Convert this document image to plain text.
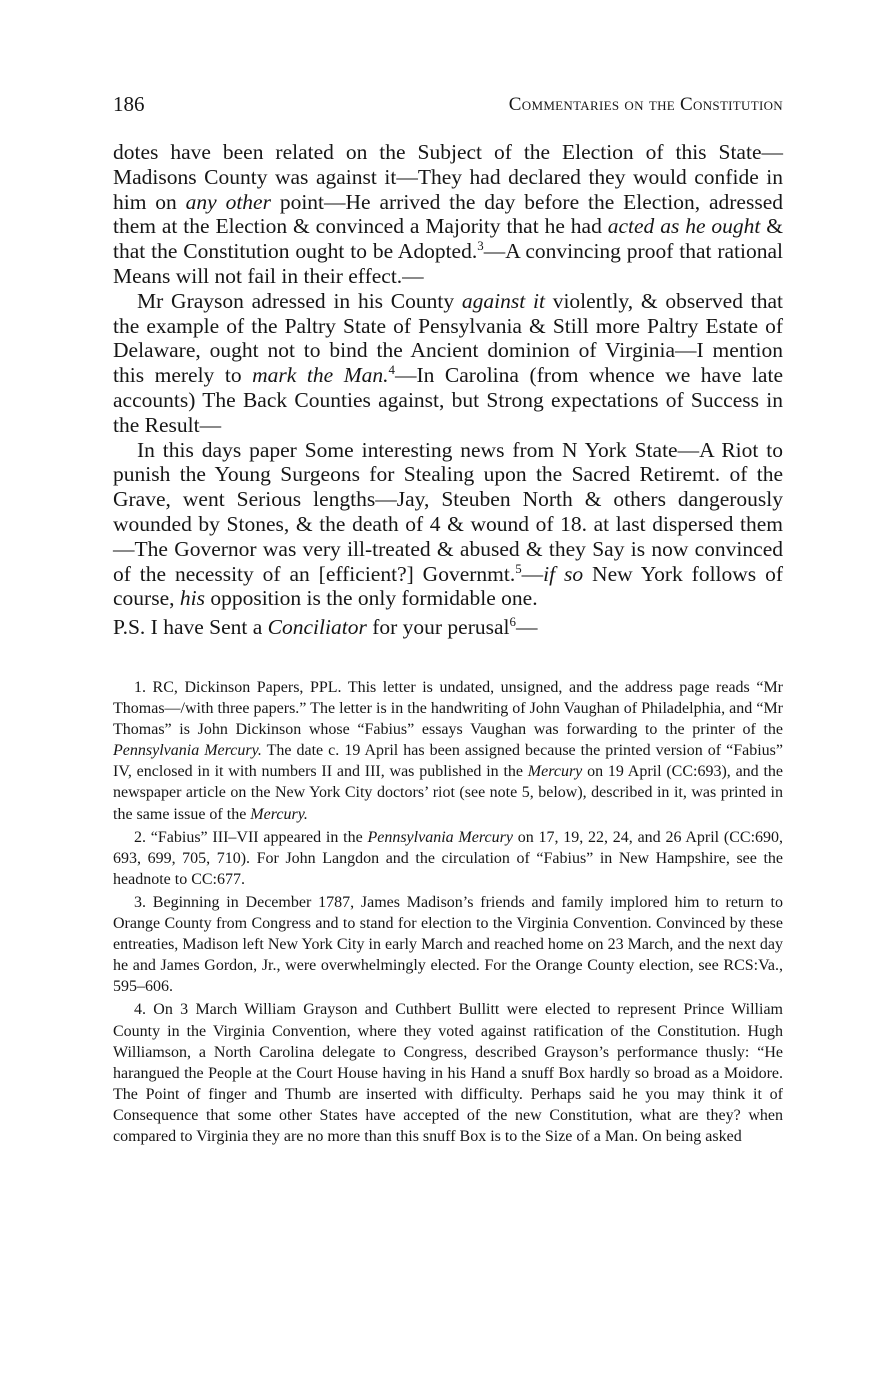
186	Commentaries on the Constitution

dotes have been related on the Subject of the Election of this State—Madisons County was against it—They had declared they would confide in him on any other point—He arrived the day before the Election, adressed them at the Election & convinced a Majority that he had acted as he ought & that the Constitution ought to be Adopted.$^3$—A convincing proof that rational Means will not fail in their effect.—

Mr Grayson adressed in his County against it violently, & observed that the example of the Paltry State of Pensylvania & Still more Paltry Estate of Delaware, ought not to bind the Ancient dominion of Virginia—I mention this merely to mark the Man.$^4$—In Carolina (from whence we have late accounts) The Back Counties against, but Strong expectations of Success in the Result—

In this days paper Some interesting news from N York State—A Riot to punish the Young Surgeons for Stealing upon the Sacred Retiremt. of the Grave, went Serious lengths—Jay, Steuben North & others dangerously wounded by Stones, & the death of 4 & wound of 18. at last dispersed them—The Governor was very ill-treated & abused & they Say is now convinced of the necessity of an [efficient?] Governmt.$^5$—if so New York follows of course, his opposition is the only formidable one.

P.S. I have Sent a Conciliator for your perusal$^6$—

1. RC, Dickinson Papers, PPL. This letter is undated, unsigned, and the address page reads “Mr Thomas—/with three papers.” The letter is in the handwriting of John Vaughan of Philadelphia, and “Mr Thomas” is John Dickinson whose “Fabius” essays Vaughan was forwarding to the printer of the Pennsylvania Mercury. The date c. 19 April has been assigned because the printed version of “Fabius” IV, enclosed in it with numbers II and III, was published in the Mercury on 19 April (CC:693), and the newspaper article on the New York City doctors’ riot (see note 5, below), described in it, was printed in the same issue of the Mercury.

2. “Fabius” III–VII appeared in the Pennsylvania Mercury on 17, 19, 22, 24, and 26 April (CC:690, 693, 699, 705, 710). For John Langdon and the circulation of “Fabius” in New Hampshire, see the headnote to CC:677.

3. Beginning in December 1787, James Madison’s friends and family implored him to return to Orange County from Congress and to stand for election to the Virginia Convention. Convinced by these entreaties, Madison left New York City in early March and reached home on 23 March, and the next day he and James Gordon, Jr., were overwhelmingly elected. For the Orange County election, see RCS:Va., 595–606.

4. On 3 March William Grayson and Cuthbert Bullitt were elected to represent Prince William County in the Virginia Convention, where they voted against ratification of the Constitution. Hugh Williamson, a North Carolina delegate to Congress, described Grayson’s performance thusly: “He harangued the People at the Court House having in his Hand a snuff Box hardly so broad as a Moidore. The Point of finger and Thumb are inserted with difficulty. Perhaps said he you may think it of Consequence that some other States have accepted of the new Constitution, what are they? when compared to Virginia they are no more than this snuff Box is to the Size of a Man. On being asked
